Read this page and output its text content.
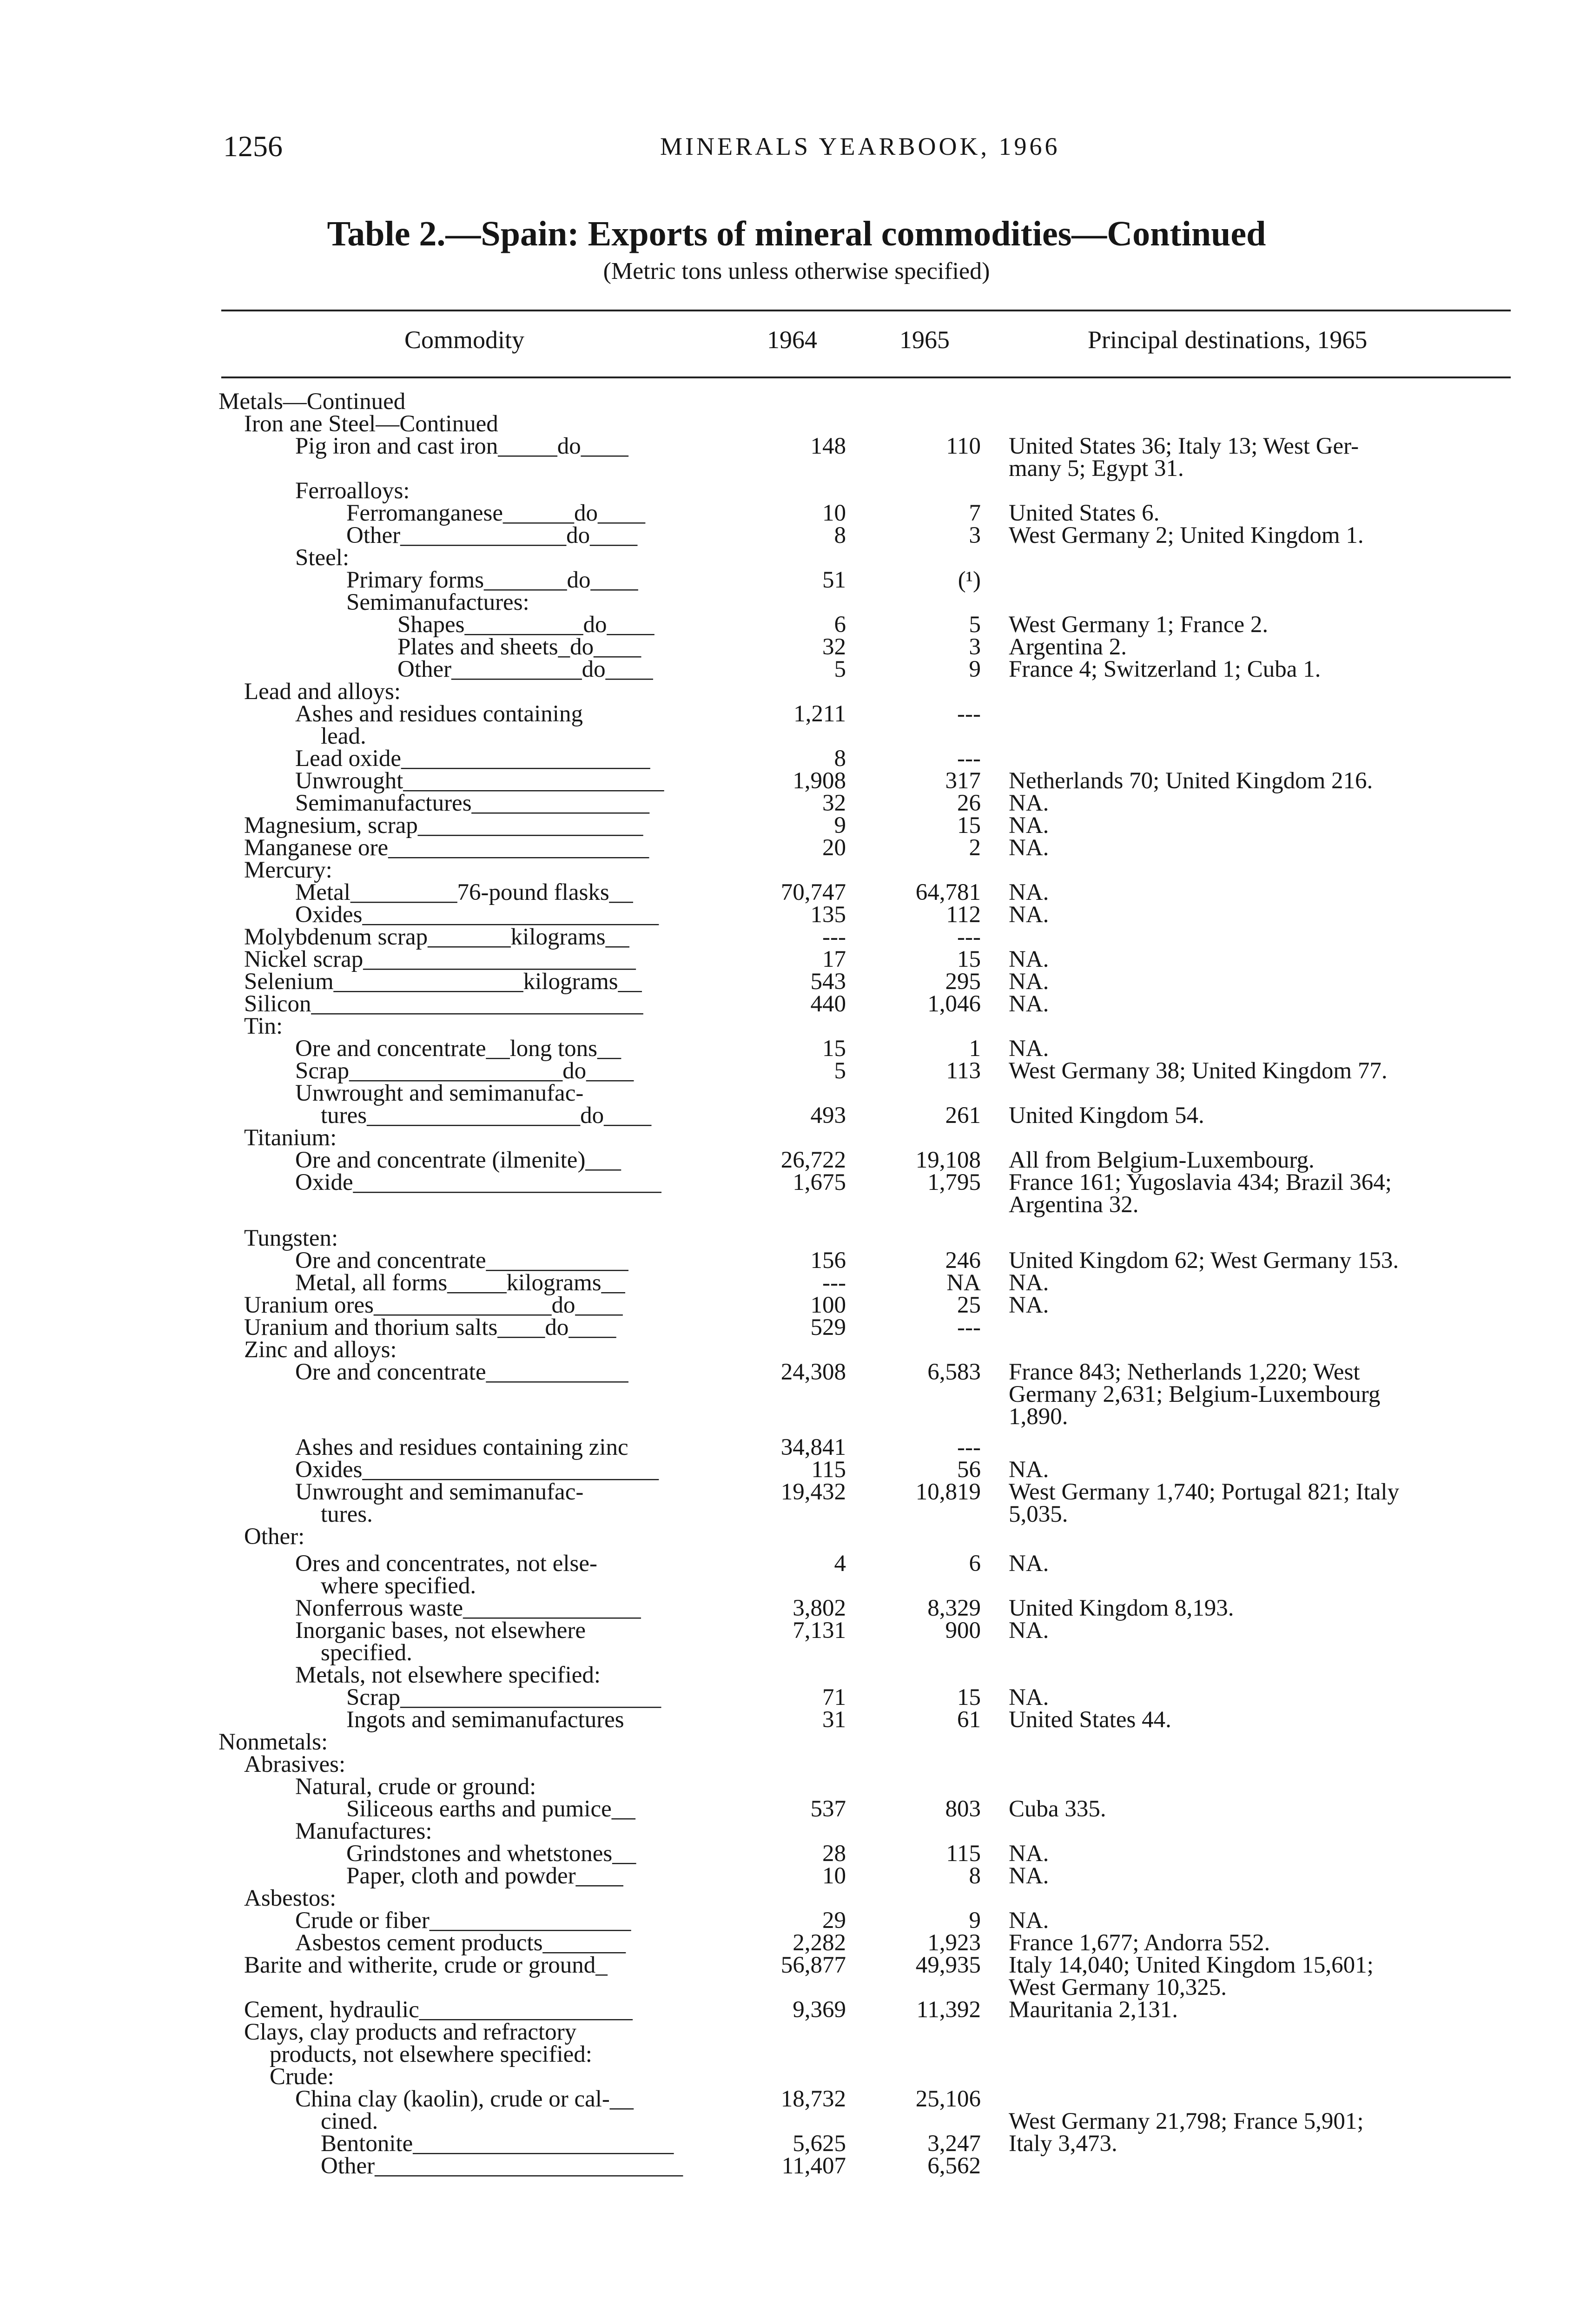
1256	MINERALS YEARBOOK, 1966
Table 2.—Spain: Exports of mineral commodities—Continued
(Metric tons unless otherwise specified)
Commodity	1964	1965	Principal destinations, 1965
Metals—Continued
Iron ane Steel—Continued
Pig iron and cast iron_____do____	148	110 United States 36; Italy 13; West Ger-
many 5; Egypt 31.
Ferroalloys:
Ferromanganese______do____	10	7 United States 6.
Other______________do____	8	3 West Germany 2; United Kingdom 1.
Steel:
Primary forms_______do____	51	(¹)
Semimanufactures:
Shapes__________do____	6	5 West Germany 1; France 2.
Plates and sheets_do____	32	3 Argentina 2.
Other___________do____	5	9 France 4; Switzerland 1; Cuba 1.
Lead and alloys:
Ashes and residues containing	1,211	---
lead.
Lead oxide_____________________	8	---
Unwrought______________________	1,908	317 Netherlands 70; United Kingdom 216.
Semimanufactures_______________	32	26 NA.
Magnesium, scrap___________________	9	15 NA.
Manganese ore______________________	20	2 NA.
Mercury:
Metal_________76-pound flasks__	70,747	64,781 NA.
Oxides_________________________	135	112 NA.
Molybdenum scrap_______kilograms__	---	---
Nickel scrap_______________________	17	15 NA.
Selenium________________kilograms__	543	295 NA.
Silicon____________________________	440	1,046 NA.
Tin:
Ore and concentrate__long tons__	15	1 NA.
Scrap__________________do____	5	113 West Germany 38; United Kingdom 77.
Unwrought and semimanufac-
tures__________________do____	493	261 United Kingdom 54.
Titanium:
Ore and concentrate (ilmenite)___	26,722	19,108 All from Belgium-Luxembourg.
Oxide__________________________	1,675	1,795 France 161; Yugoslavia 434; Brazil 364;
Argentina 32.
Tungsten:
Ore and concentrate____________	156	246 United Kingdom 62; West Germany 153.
Metal, all forms_____kilograms__	---	NA NA.
Uranium ores_______________do____	100	25 NA.
Uranium and thorium salts____do____	529	---
Zinc and alloys:
Ore and concentrate____________	24,308	6,583 France 843; Netherlands 1,220; West
Germany 2,631; Belgium-Luxembourg
1,890.
Ashes and residues containing zinc	34,841	---
Oxides_________________________	115	56 NA.
Unwrought and semimanufac-	19,432	10,819 West Germany 1,740; Portugal 821; Italy
tures.	5,035.
Other:
Ores and concentrates, not else-	4	6 NA.
where specified.
Nonferrous waste_______________	3,802	8,329 United Kingdom 8,193.
Inorganic bases, not elsewhere	7,131	900 NA.
specified.
Metals, not elsewhere specified:
Scrap______________________	71	15 NA.
Ingots and semimanufactures	31	61 United States 44.
Nonmetals:
Abrasives:
Natural, crude or ground:
Siliceous earths and pumice__	537	803 Cuba 335.
Manufactures:
Grindstones and whetstones__	28	115 NA.
Paper, cloth and powder____	10	8 NA.
Asbestos:
Crude or fiber_________________	29	9 NA.
Asbestos cement products_______	2,282	1,923 France 1,677; Andorra 552.
Barite and witherite, crude or ground_	56,877	49,935 Italy 14,040; United Kingdom 15,601;
West Germany 10,325.
Cement, hydraulic__________________	9,369	11,392 Mauritania 2,131.
Clays, clay products and refractory
products, not elsewhere specified:
Crude:
China clay (kaolin), crude or cal-__	18,732	25,106
cined.	West Germany 21,798; France 5,901;
Bentonite______________________	5,625	3,247 Italy 3,473.
Other__________________________	11,407	6,562
